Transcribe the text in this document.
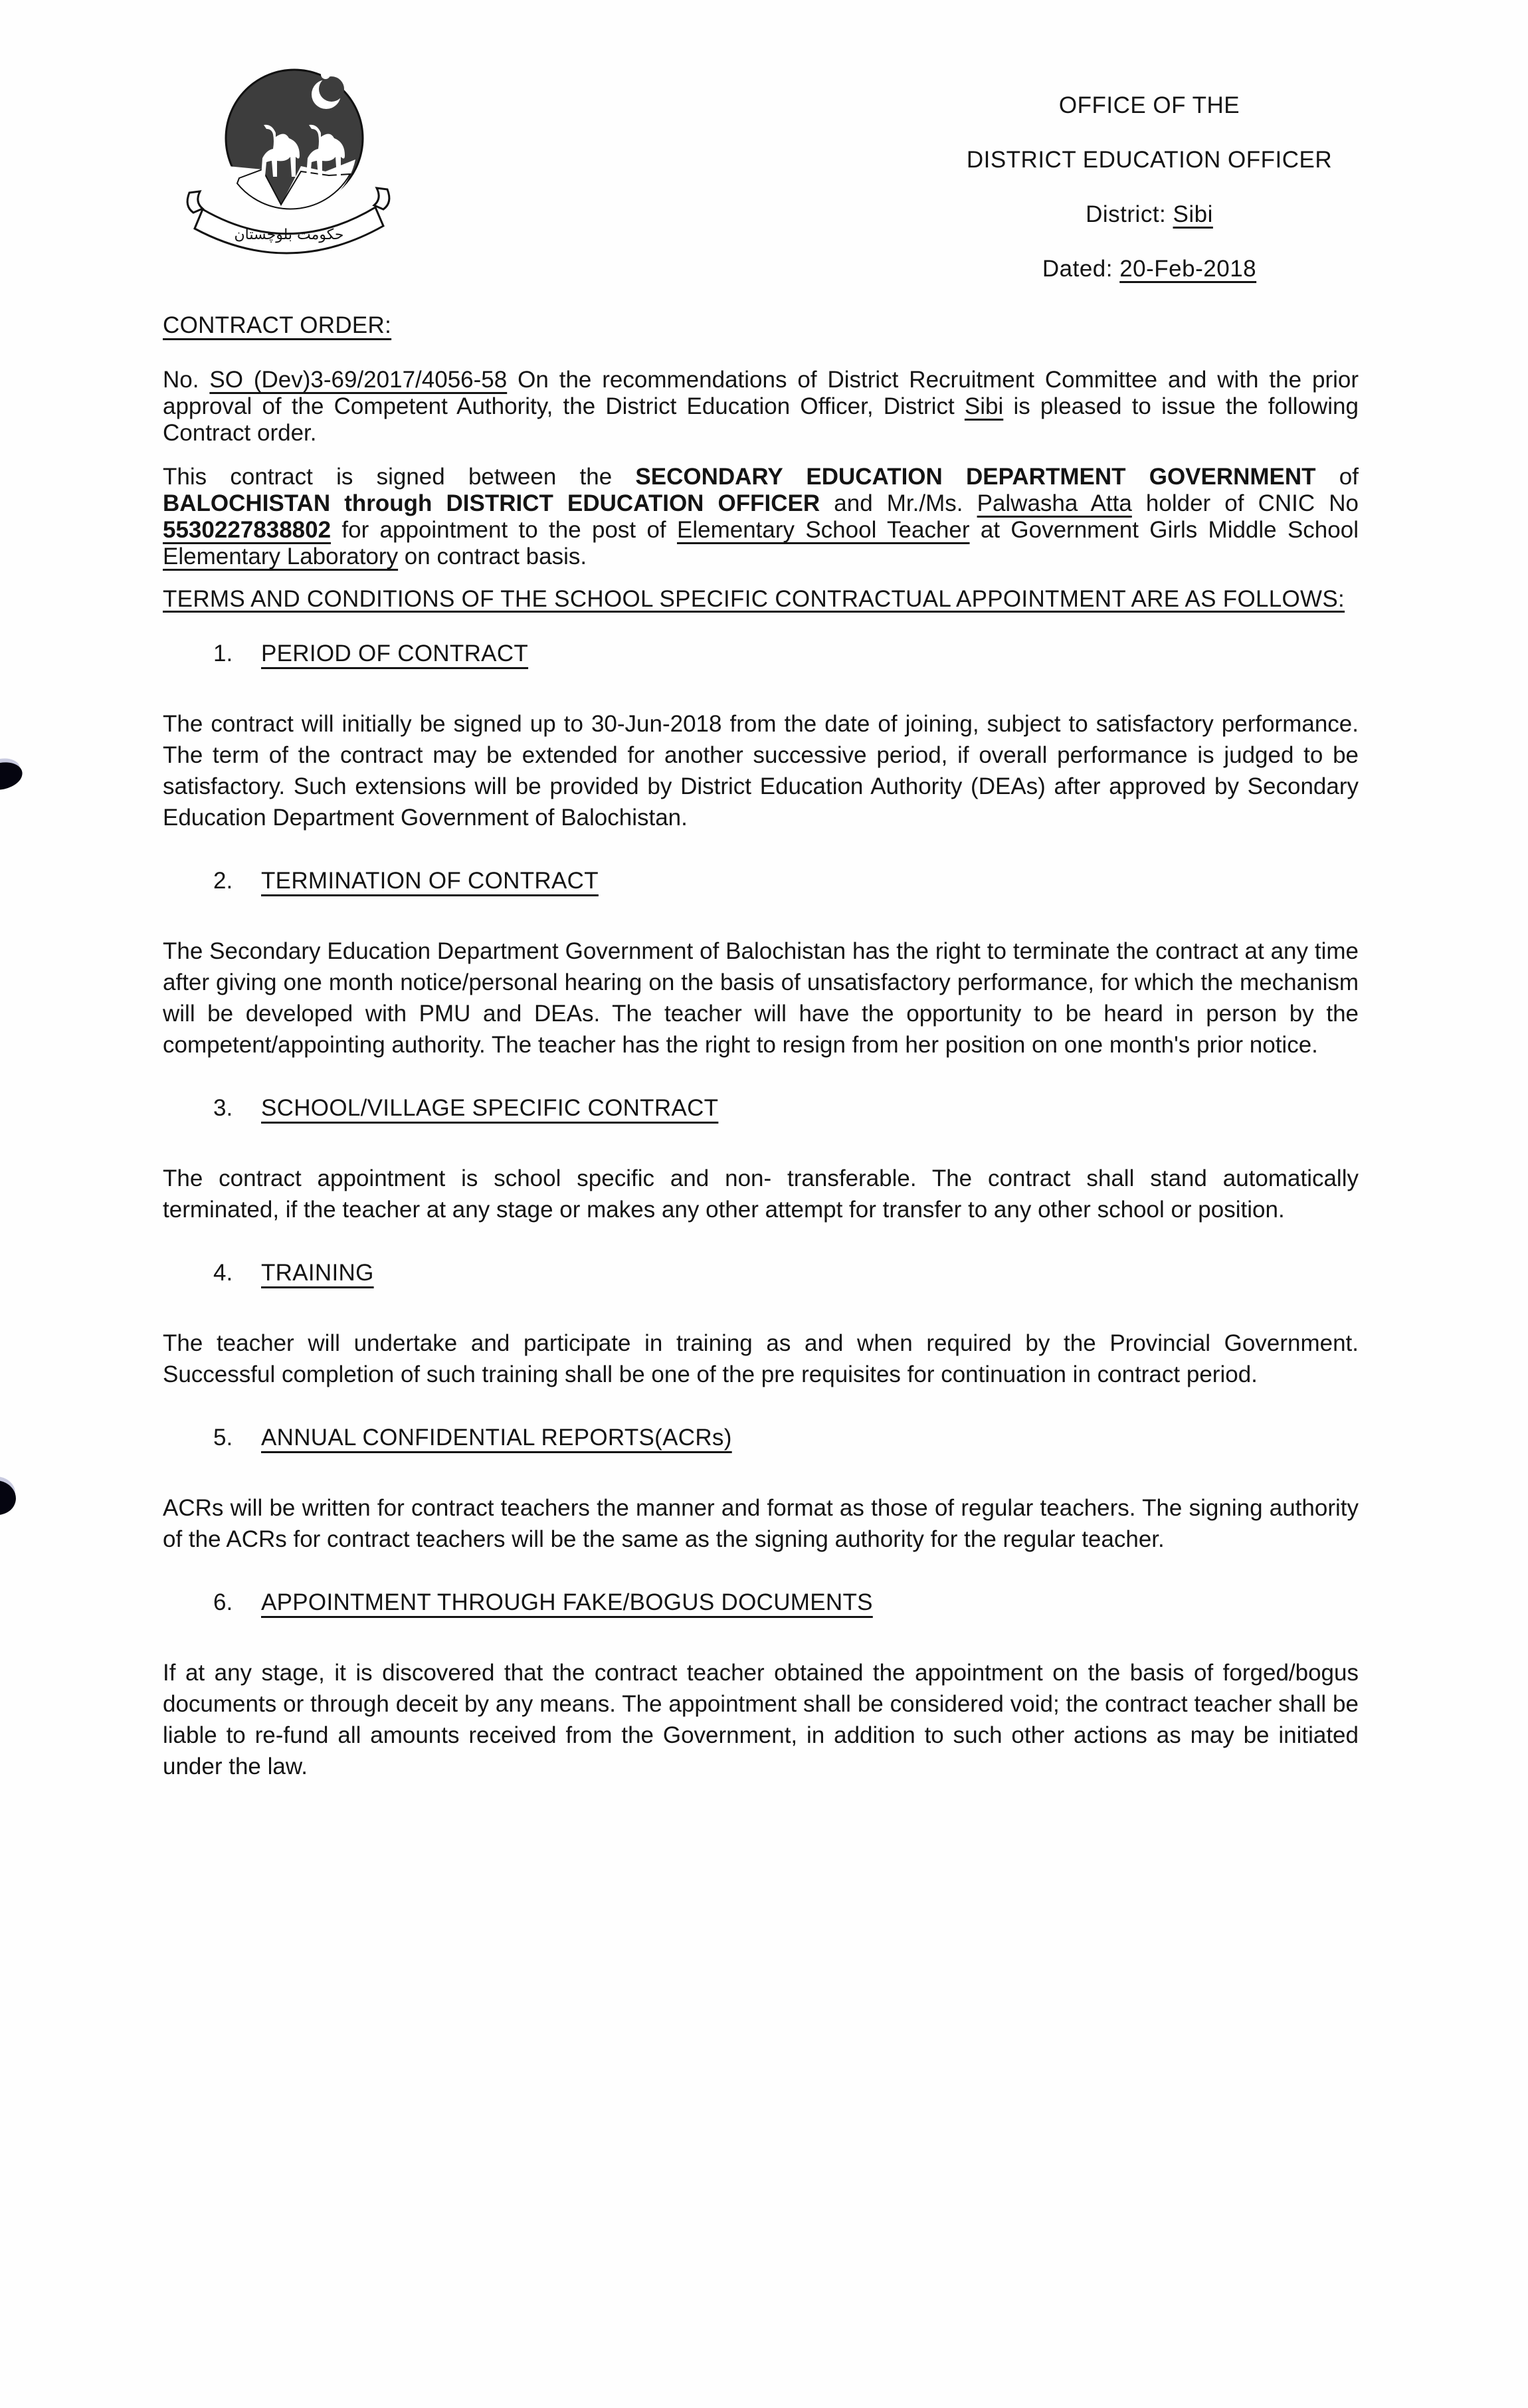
حکومت بلوچستان
OFFICE OF THE
DISTRICT EDUCATION OFFICER
District: Sibi
Dated: 20-Feb-2018
CONTRACT ORDER:

No. SO (Dev)3-69/2017/4056-58 On the recommendations of District Recruitment Committee and with the prior approval of the Competent Authority, the District Education Officer, District Sibi is pleased to issue the following Contract order.

This contract is signed between the SECONDARY EDUCATION DEPARTMENT GOVERNMENT of BALOCHISTAN through DISTRICT EDUCATION OFFICER and Mr./Ms. Palwasha Atta holder of CNIC No 5530227838802 for appointment to the post of Elementary School Teacher at Government Girls Middle School Elementary Laboratory on contract basis.

TERMS AND CONDITIONS OF THE SCHOOL SPECIFIC CONTRACTUAL APPOINTMENT ARE AS FOLLOWS:
1.	PERIOD OF CONTRACT

The contract will initially be signed up to 30-Jun-2018 from the date of joining, subject to satisfactory performance. The term of the contract may be extended for another successive period, if overall performance is judged to be satisfactory. Such extensions will be provided by District Education Authority (DEAs) after approved by Secondary Education Department Government of Balochistan.

2.	TERMINATION OF CONTRACT

The Secondary Education Department Government of Balochistan has the right to terminate the contract at any time after giving one month notice/personal hearing on the basis of unsatisfactory performance, for which the mechanism will be developed with PMU and DEAs. The teacher will have the opportunity to be heard in person by the competent/appointing authority. The teacher has the right to resign from her position on one month's prior notice.

3.	SCHOOL/VILLAGE SPECIFIC CONTRACT

The contract appointment is school specific and non- transferable. The contract shall stand automatically terminated, if the teacher at any stage or makes any other attempt for transfer to any other school or position.

4.	TRAINING

The teacher will undertake and participate in training as and when required by the Provincial Government. Successful completion of such training shall be one of the pre requisites for continuation in contract period.

5.	ANNUAL CONFIDENTIAL REPORTS(ACRs)

ACRs will be written for contract teachers the manner and format as those of regular teachers. The signing authority of the ACRs for contract teachers will be the same as the signing authority for the regular teacher.

6.	APPOINTMENT THROUGH FAKE/BOGUS DOCUMENTS

If at any stage, it is discovered that the contract teacher obtained the appointment on the basis of forged/bogus documents or through deceit by any means. The appointment shall be considered void; the contract teacher shall be liable to re-fund all amounts received from the Government, in addition to such other actions as may be initiated under the law.
